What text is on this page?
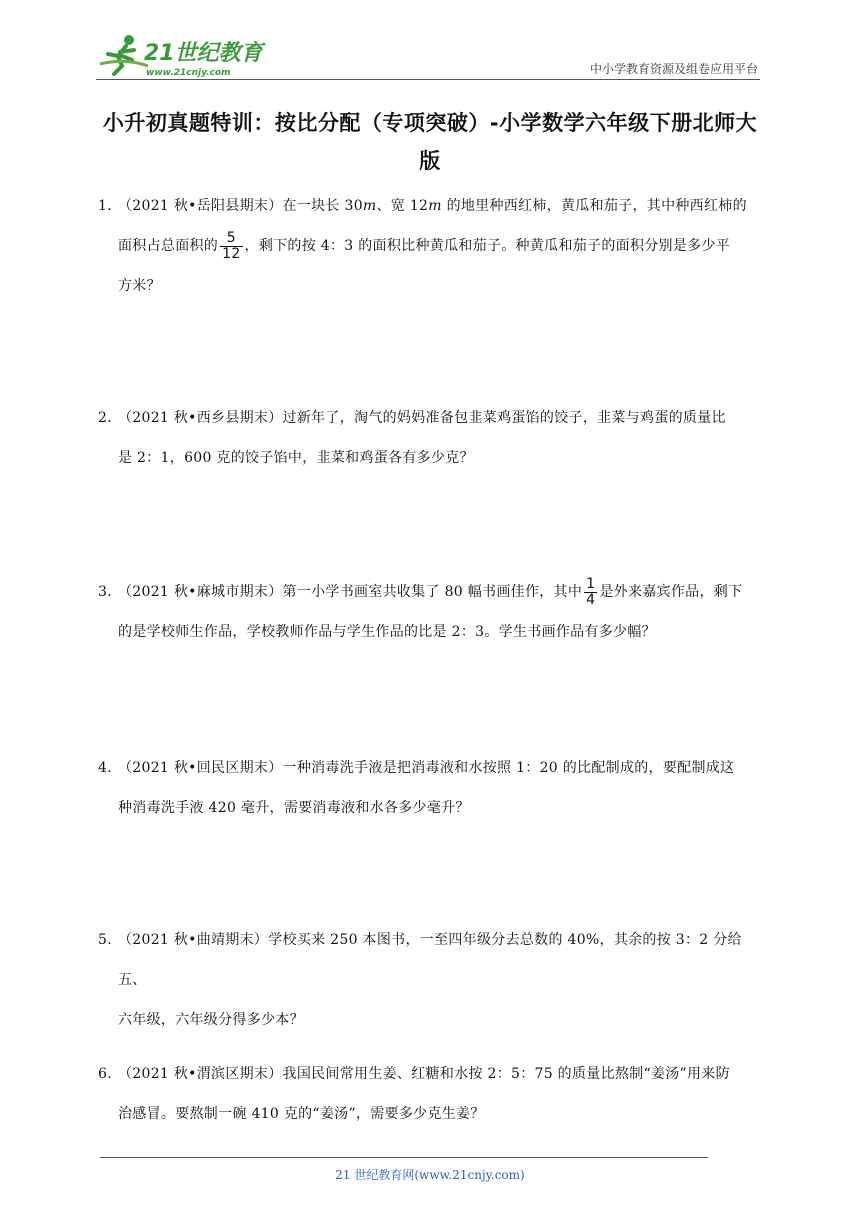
21世纪教育
www.21cnjy.com	中小学教育资源及组卷应用平台
小升初真题特训：按比分配（专项突破）-小学数学六年级下册北师大
版
1．
（2021 秋•岳阳县期末）在一块长 30m、宽 12m 的地里种西红柿，黄瓜和茄子，其中种西红柿的
面积占总面积的 $\frac{5}{12}$ ，剩下的按 4：3 的面积比种黄瓜和茄子。种黄瓜和茄子的面积分别是多少平
方米？
2．
（2021 秋•西乡县期末）过新年了，淘气的妈妈准备包韭菜鸡蛋馅的饺子，韭菜与鸡蛋的质量比
是 2：1，600 克的饺子馅中，韭菜和鸡蛋各有多少克？
3．
（2021 秋•麻城市期末）第一小学书画室共收集了 80 幅书画佳作，其中 $\frac{1}{4}$ 是外来嘉宾作品，剩下
的是学校师生作品，学校教师作品与学生作品的比是 2：3。学生书画作品有多少幅？
4．
（2021 秋•回民区期末）一种消毒洗手液是把消毒液和水按照 1：20 的比配制成的，要配制成这
种消毒洗手液 420 毫升，需要消毒液和水各多少毫升？
5．
（2021 秋•曲靖期末）学校买来 250 本图书，一至四年级分去总数的 40%，其余的按 3：2 分给五、
六年级，六年级分得多少本？
6．
（2021 秋•渭滨区期末）我国民间常用生姜、红糖和水按 2：5：75 的质量比熬制“姜汤”用来防
治感冒。要熬制一碗 410 克的“姜汤”，需要多少克生姜？
21 世纪教育网(www.21cnjy.com)
